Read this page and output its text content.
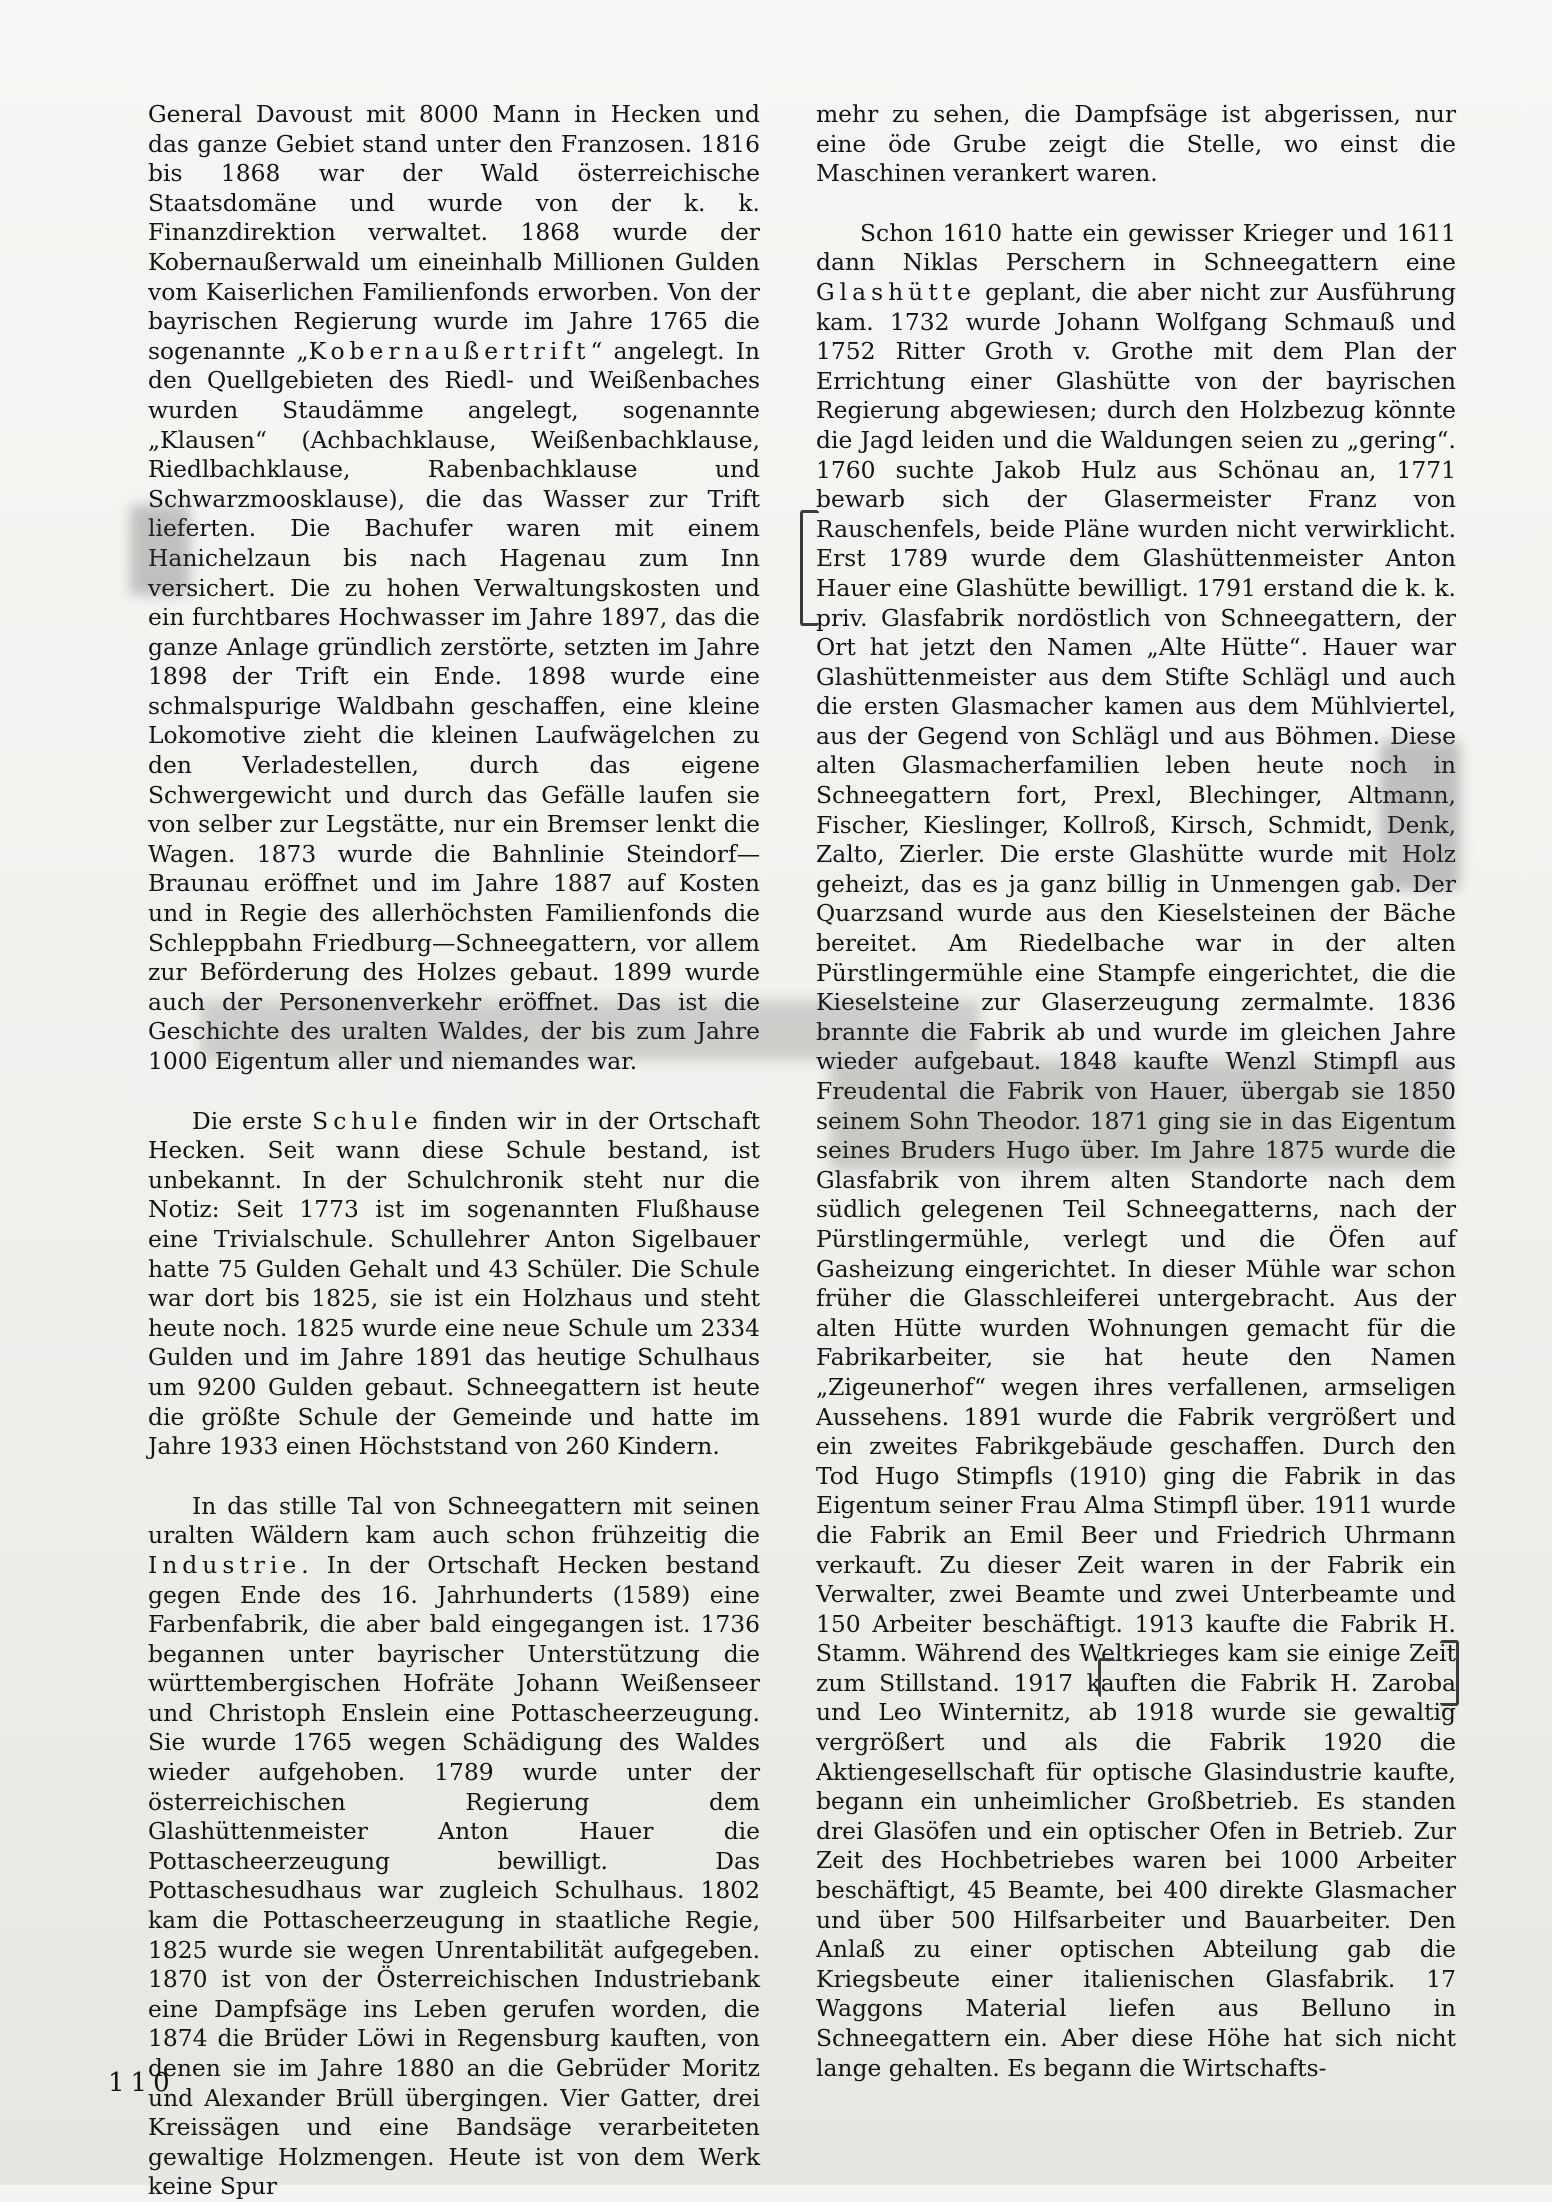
General Davoust mit 8000 Mann in Hecken und das ganze Gebiet stand unter den Franzosen. 1816 bis 1868 war der Wald österreichische Staatsdomäne und wurde von der k. k. Finanzdirektion verwaltet. 1868 wurde der Kobernaußerwald um eineinhalb Millionen Gulden vom Kaiserlichen Familienfonds erworben. Von der bayrischen Regierung wurde im Jahre 1765 die sogenannte „Kobernaußertrift“ angelegt. In den Quellgebieten des Riedl- und Weißenbaches wurden Staudämme angelegt, sogenannte „Klausen“ (Achbachklause, Weißenbachklause, Riedlbachklause, Rabenbachklause und Schwarzmoosklause), die das Wasser zur Trift lieferten. Die Bachufer waren mit einem Hanichelzaun bis nach Hagenau zum Inn versichert. Die zu hohen Verwaltungskosten und ein furchtbares Hochwasser im Jahre 1897, das die ganze Anlage gründlich zerstörte, setzten im Jahre 1898 der Trift ein Ende. 1898 wurde eine schmalspurige Waldbahn geschaffen, eine kleine Lokomotive zieht die kleinen Laufwägelchen zu den Verladestellen, durch das eigene Schwergewicht und durch das Gefälle laufen sie von selber zur Legstätte, nur ein Bremser lenkt die Wagen. 1873 wurde die Bahnlinie Steindorf—Braunau eröffnet und im Jahre 1887 auf Kosten und in Regie des allerhöchsten Familienfonds die Schleppbahn Friedburg—Schneegattern, vor allem zur Beförderung des Holzes gebaut. 1899 wurde auch der Personenverkehr eröffnet. Das ist die Geschichte des uralten Waldes, der bis zum Jahre 1000 Eigentum aller und niemandes war.

Die erste Schule finden wir in der Ortschaft Hecken. Seit wann diese Schule bestand, ist unbekannt. In der Schulchronik steht nur die Notiz: Seit 1773 ist im sogenannten Flußhause eine Trivialschule. Schullehrer Anton Sigelbauer hatte 75 Gulden Gehalt und 43 Schüler. Die Schule war dort bis 1825, sie ist ein Holzhaus und steht heute noch. 1825 wurde eine neue Schule um 2334 Gulden und im Jahre 1891 das heutige Schulhaus um 9200 Gulden gebaut. Schneegattern ist heute die größte Schule der Gemeinde und hatte im Jahre 1933 einen Höchststand von 260 Kindern.

In das stille Tal von Schneegattern mit seinen uralten Wäldern kam auch schon frühzeitig die Industrie. In der Ortschaft Hecken bestand gegen Ende des 16. Jahrhunderts (1589) eine Farbenfabrik, die aber bald eingegangen ist. 1736 begannen unter bayrischer Unterstützung die württembergischen Hofräte Johann Weißenseer und Christoph Enslein eine Pottascheerzeugung. Sie wurde 1765 wegen Schädigung des Waldes wieder aufgehoben. 1789 wurde unter der österreichischen Regierung dem Glashüttenmeister Anton Hauer die Pottascheerzeugung bewilligt. Das Pottaschesudhaus war zugleich Schulhaus. 1802 kam die Pottascheerzeugung in staatliche Regie, 1825 wurde sie wegen Unrentabilität aufgegeben. 1870 ist von der Österreichischen Industriebank eine Dampfsäge ins Leben gerufen worden, die 1874 die Brüder Löwi in Regensburg kauften, von denen sie im Jahre 1880 an die Gebrüder Moritz und Alexander Brüll übergingen. Vier Gatter, drei Kreissägen und eine Bandsäge verarbeiteten gewaltige Holzmengen. Heute ist von dem Werk keine Spur

mehr zu sehen, die Dampfsäge ist abgerissen, nur eine öde Grube zeigt die Stelle, wo einst die Maschinen verankert waren.

Schon 1610 hatte ein gewisser Krieger und 1611 dann Niklas Perschern in Schneegattern eine Glashütte geplant, die aber nicht zur Ausführung kam. 1732 wurde Johann Wolfgang Schmauß und 1752 Ritter Groth v. Grothe mit dem Plan der Errichtung einer Glashütte von der bayrischen Regierung abgewiesen; durch den Holzbezug könnte die Jagd leiden und die Waldungen seien zu „gering“. 1760 suchte Jakob Hulz aus Schönau an, 1771 bewarb sich der Glasermeister Franz von Rauschenfels, beide Pläne wurden nicht verwirklicht. Erst 1789 wurde dem Glashüttenmeister Anton Hauer eine Glashütte bewilligt. 1791 erstand die k. k. priv. Glasfabrik nordöstlich von Schneegattern, der Ort hat jetzt den Namen „Alte Hütte“. Hauer war Glashüttenmeister aus dem Stifte Schlägl und auch die ersten Glasmacher kamen aus dem Mühlviertel, aus der Gegend von Schlägl und aus Böhmen. Diese alten Glasmacherfamilien leben heute noch in Schneegattern fort, Prexl, Blechinger, Altmann, Fischer, Kieslinger, Kollroß, Kirsch, Schmidt, Denk, Zalto, Zierler. Die erste Glashütte wurde mit Holz geheizt, das es ja ganz billig in Unmengen gab. Der Quarzsand wurde aus den Kieselsteinen der Bäche bereitet. Am Riedelbache war in der alten Pürstlingermühle eine Stampfe eingerichtet, die die Kieselsteine zur Glaserzeugung zermalmte. 1836 brannte die Fabrik ab und wurde im gleichen Jahre wieder aufgebaut. 1848 kaufte Wenzl Stimpfl aus Freudental die Fabrik von Hauer, übergab sie 1850 seinem Sohn Theodor. 1871 ging sie in das Eigentum seines Bruders Hugo über. Im Jahre 1875 wurde die Glasfabrik von ihrem alten Standorte nach dem südlich gelegenen Teil Schneegatterns, nach der Pürstlingermühle, verlegt und die Öfen auf Gasheizung eingerichtet. In dieser Mühle war schon früher die Glasschleiferei untergebracht. Aus der alten Hütte wurden Wohnungen gemacht für die Fabrikarbeiter, sie hat heute den Namen „Zigeunerhof“ wegen ihres verfallenen, armseligen Aussehens. 1891 wurde die Fabrik vergrößert und ein zweites Fabrikgebäude geschaffen. Durch den Tod Hugo Stimpfls (1910) ging die Fabrik in das Eigentum seiner Frau Alma Stimpfl über. 1911 wurde die Fabrik an Emil Beer und Friedrich Uhrmann verkauft. Zu dieser Zeit waren in der Fabrik ein Verwalter, zwei Beamte und zwei Unterbeamte und 150 Arbeiter beschäftigt. 1913 kaufte die Fabrik H. Stamm. Während des Weltkrieges kam sie einige Zeit zum Stillstand. 1917 kauften die Fabrik H. Zaroba und Leo Winternitz, ab 1918 wurde sie gewaltig vergrößert und als die Fabrik 1920 die Aktiengesellschaft für optische Glasindustrie kaufte, begann ein unheimlicher Großbetrieb. Es standen drei Glasöfen und ein optischer Ofen in Betrieb. Zur Zeit des Hochbetriebes waren bei 1000 Arbeiter beschäftigt, 45 Beamte, bei 400 direkte Glasmacher und über 500 Hilfsarbeiter und Bauarbeiter. Den Anlaß zu einer optischen Abteilung gab die Kriegsbeute einer italienischen Glasfabrik. 17 Waggons Material liefen aus Belluno in Schneegattern ein. Aber diese Höhe hat sich nicht lange gehalten. Es begann die Wirtschafts-

110
